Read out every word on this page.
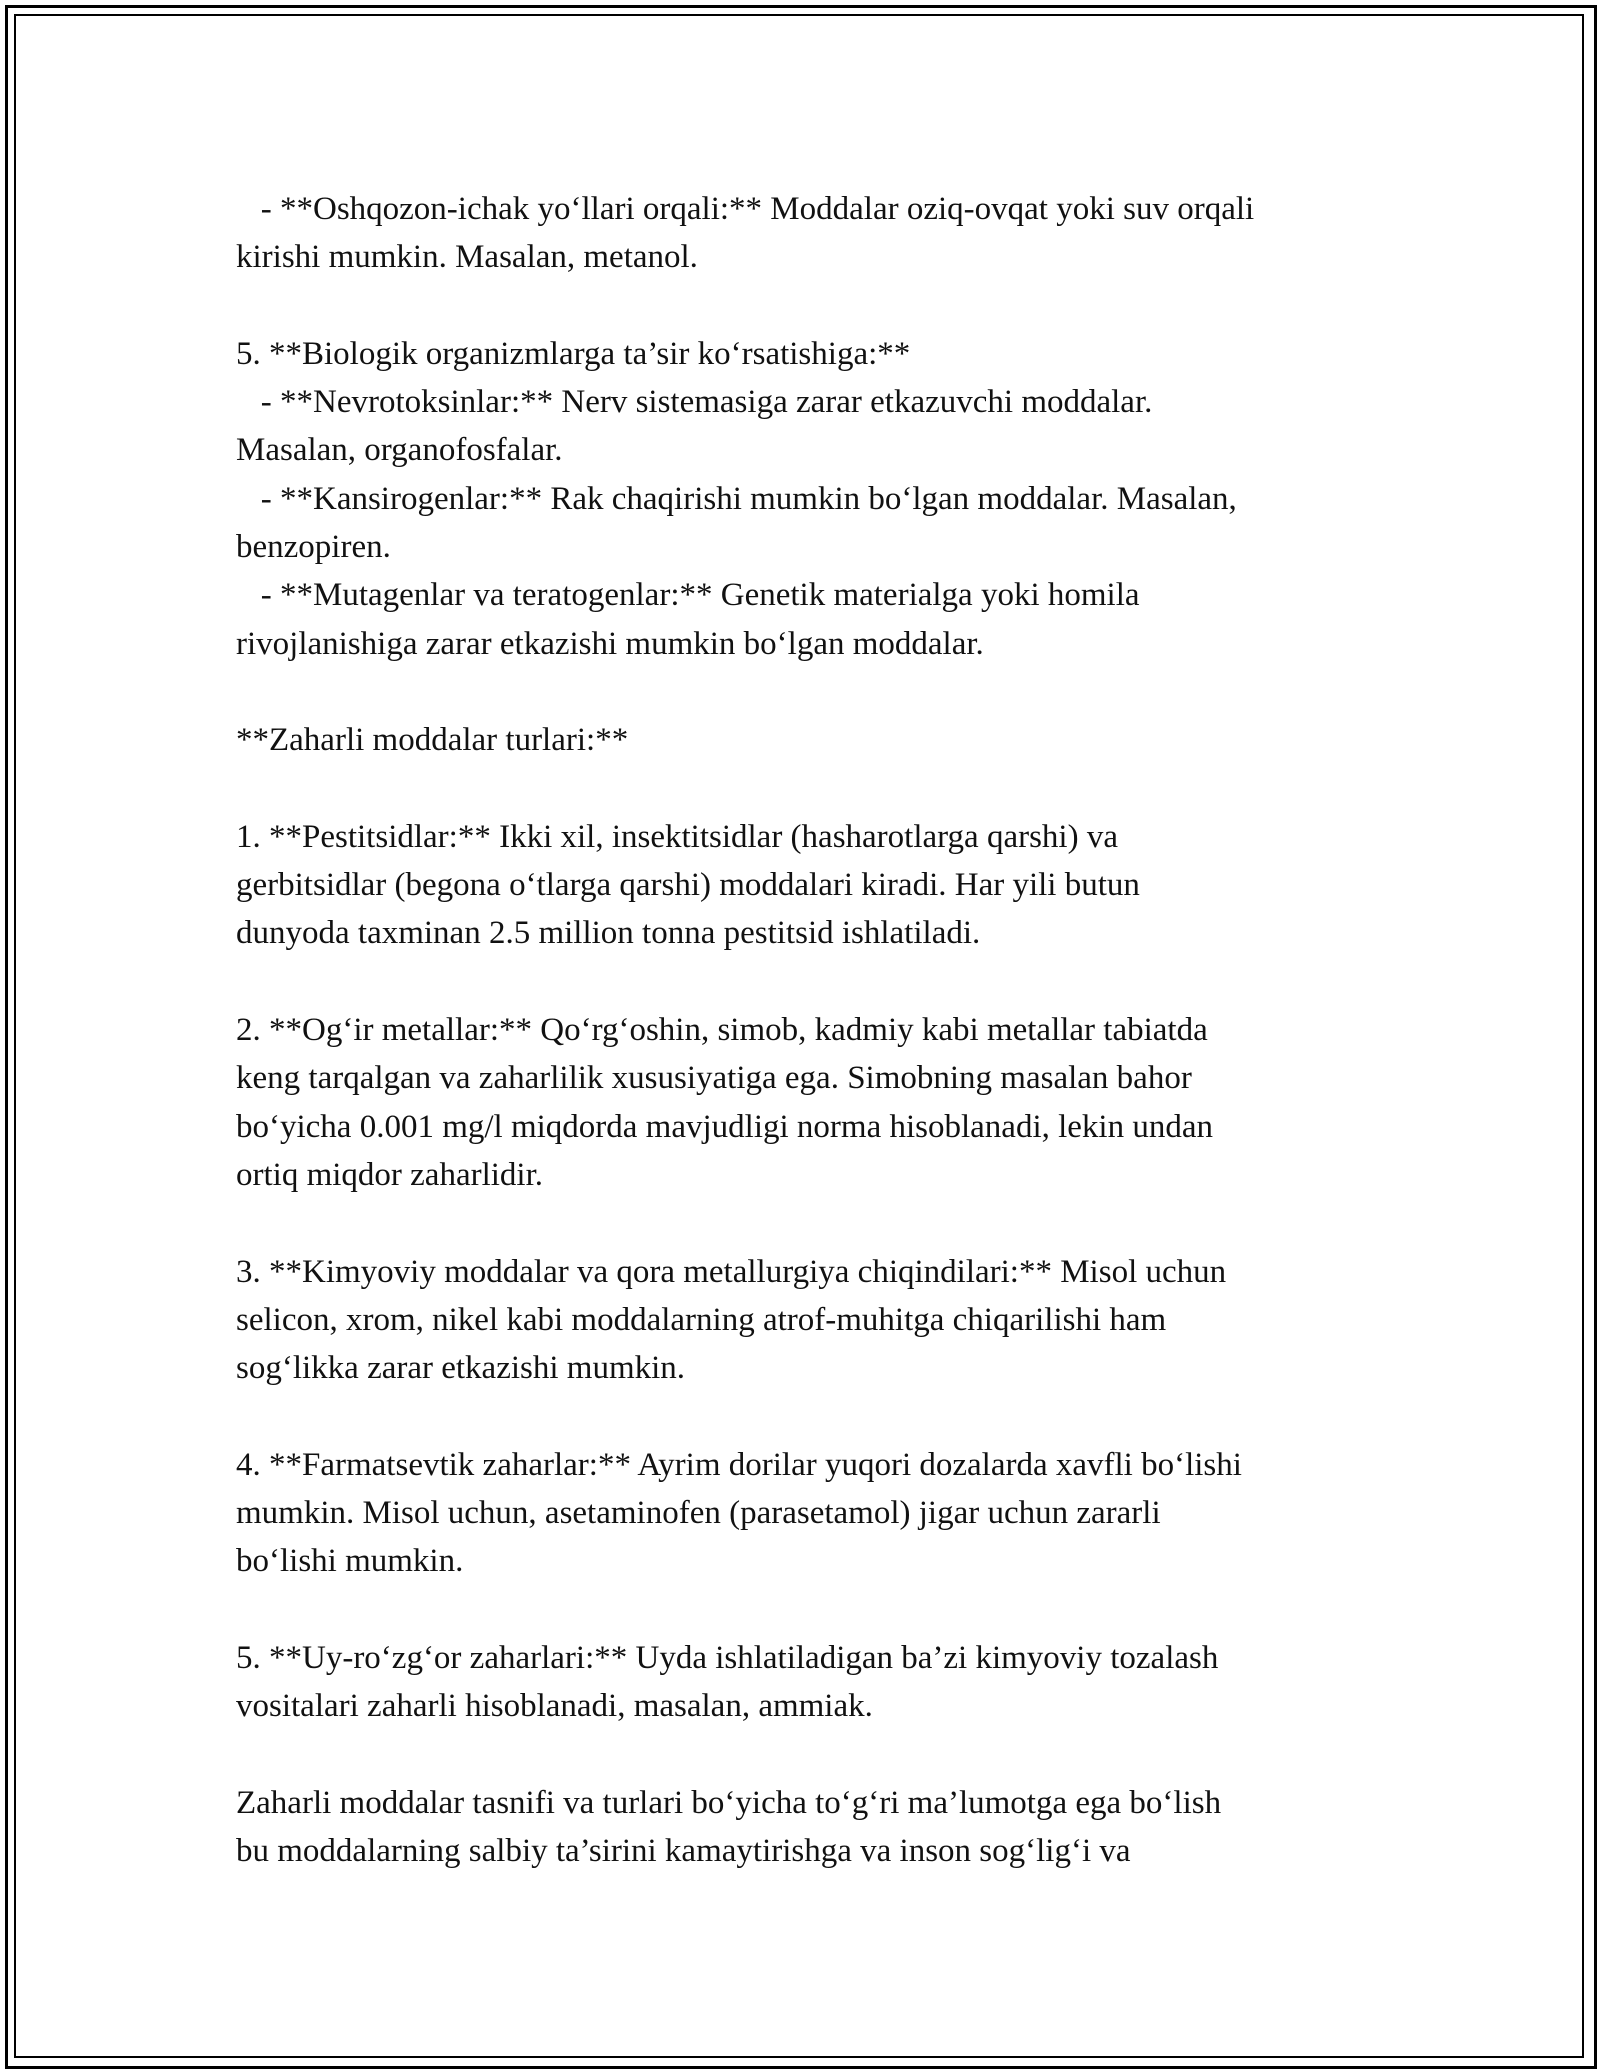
- **Oshqozon-ichak yo‘llari orqali:** Moddalar oziq-ovqat yoki suv orqali
kirishi mumkin. Masalan, metanol.
5. **Biologik organizmlarga ta’sir ko‘rsatishiga:**
- **Nevrotoksinlar:** Nerv sistemasiga zarar etkazuvchi moddalar.
Masalan, organofosfalar.
- **Kansirogenlar:** Rak chaqirishi mumkin bo‘lgan moddalar. Masalan,
benzopiren.
- **Mutagenlar va teratogenlar:** Genetik materialga yoki homila
rivojlanishiga zarar etkazishi mumkin bo‘lgan moddalar.
**Zaharli moddalar turlari:**
1. **Pestitsidlar:** Ikki xil, insektitsidlar (hasharotlarga qarshi) va
gerbitsidlar (begona o‘tlarga qarshi) moddalari kiradi. Har yili butun
dunyoda taxminan 2.5 million tonna pestitsid ishlatiladi.
2. **Og‘ir metallar:** Qo‘rg‘oshin, simob, kadmiy kabi metallar tabiatda
keng tarqalgan va zaharlilik xususiyatiga ega. Simobning masalan bahor
bo‘yicha 0.001 mg/l miqdorda mavjudligi norma hisoblanadi, lekin undan
ortiq miqdor zaharlidir.
3. **Kimyoviy moddalar va qora metallurgiya chiqindilari:** Misol uchun
selicon, xrom, nikel kabi moddalarning atrof-muhitga chiqarilishi ham
sog‘likka zarar etkazishi mumkin.
4. **Farmatsevtik zaharlar:** Ayrim dorilar yuqori dozalarda xavfli bo‘lishi
mumkin. Misol uchun, asetaminofen (parasetamol) jigar uchun zararli
bo‘lishi mumkin.
5. **Uy-ro‘zg‘or zaharlari:** Uyda ishlatiladigan ba’zi kimyoviy tozalash
vositalari zaharli hisoblanadi, masalan, ammiak.
Zaharli moddalar tasnifi va turlari bo‘yicha to‘g‘ri ma’lumotga ega bo‘lish
bu moddalarning salbiy ta’sirini kamaytirishga va inson sog‘lig‘i va
